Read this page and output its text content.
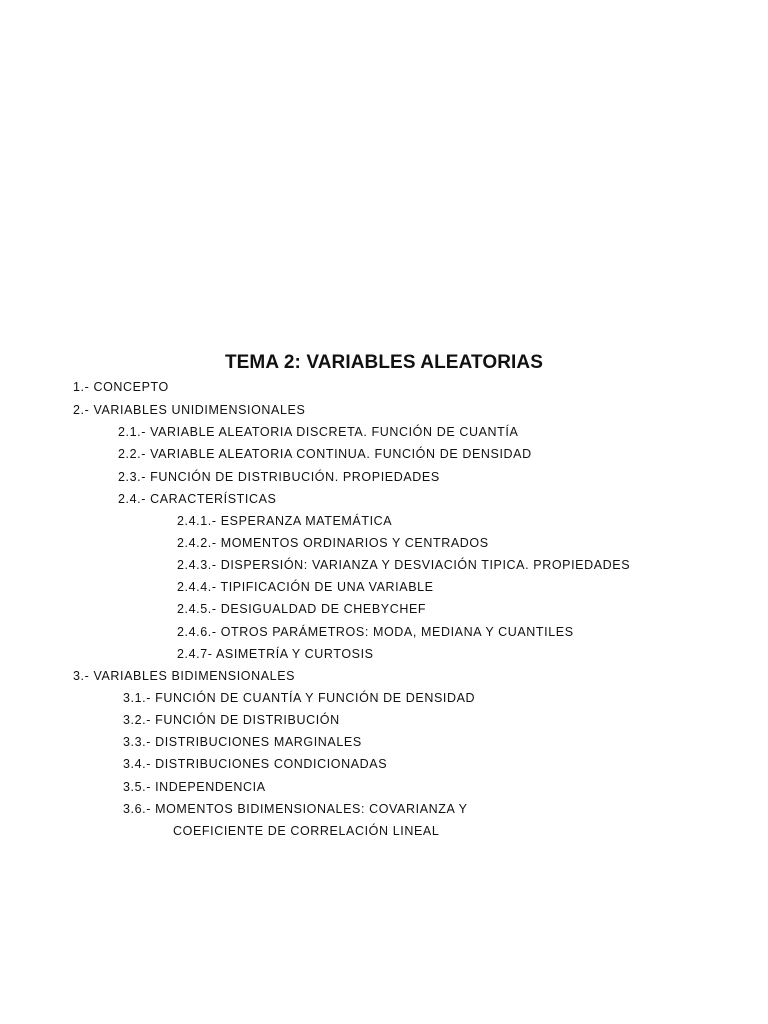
TEMA 2: VARIABLES ALEATORIAS

1.- CONCEPTO

2.- VARIABLES UNIDIMENSIONALES

2.1.- VARIABLE ALEATORIA DISCRETA. FUNCIÓN DE CUANTÍA

2.2.- VARIABLE ALEATORIA CONTINUA. FUNCIÓN DE DENSIDAD

2.3.- FUNCIÓN DE DISTRIBUCIÓN. PROPIEDADES

2.4.- CARACTERÍSTICAS

2.4.1.- ESPERANZA MATEMÁTICA

2.4.2.- MOMENTOS ORDINARIOS Y CENTRADOS

2.4.3.- DISPERSIÓN: VARIANZA Y DESVIACIÓN TIPICA. PROPIEDADES

2.4.4.- TIPIFICACIÓN DE UNA VARIABLE

2.4.5.- DESIGUALDAD DE CHEBYCHEF

2.4.6.- OTROS PARÁMETROS: MODA, MEDIANA Y CUANTILES

2.4.7- ASIMETRÍA Y CURTOSIS

3.- VARIABLES BIDIMENSIONALES

3.1.- FUNCIÓN DE CUANTÍA Y FUNCIÓN DE DENSIDAD

3.2.- FUNCIÓN DE DISTRIBUCIÓN

3.3.- DISTRIBUCIONES MARGINALES

3.4.- DISTRIBUCIONES CONDICIONADAS

3.5.- INDEPENDENCIA

3.6.- MOMENTOS BIDIMENSIONALES: COVARIANZA Y

COEFICIENTE DE CORRELACIÓN LINEAL
